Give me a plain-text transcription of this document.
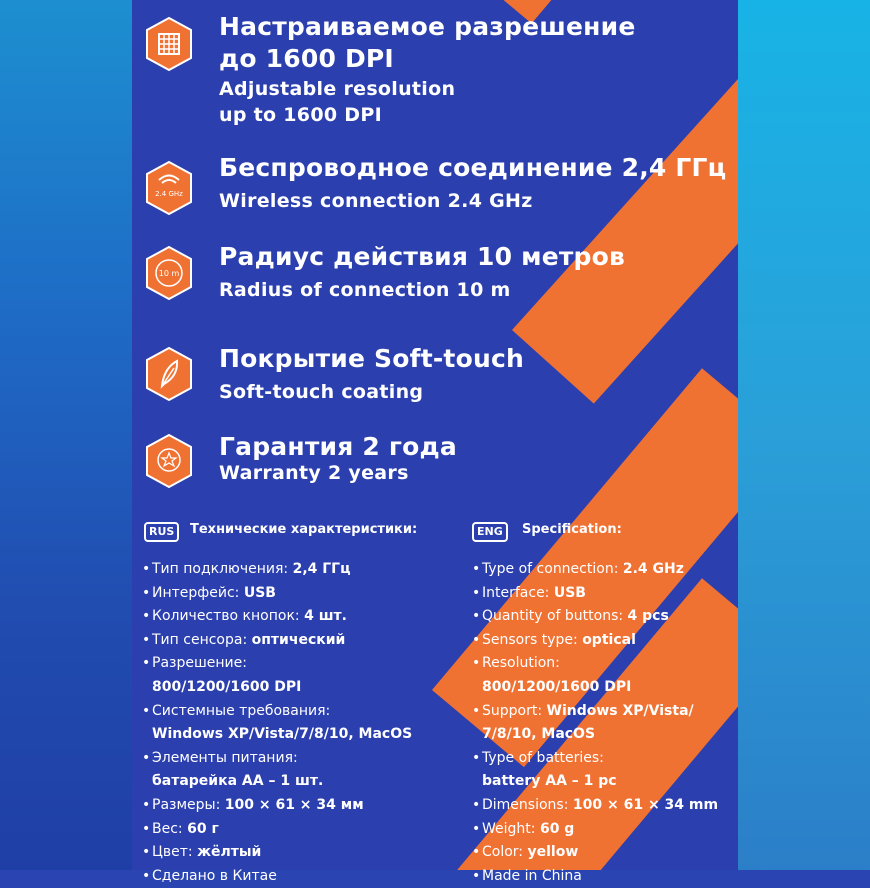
Настраиваемое разрешение
до 1600 DPI
Adjustable resolution
up to 1600 DPI
2.4 GHz
Беспроводное соединение 2,4 ГГц
Wireless connection 2.4 GHz
10 m
Радиус действия 10 метров
Radius of connection 10 m
Покрытие Soft-touch
Soft-touch coating
Гарантия 2 года
Warranty 2 years
RUS	Технические характеристики:
• Тип подключения: 2,4 ГГц
• Интерфейс: USB
• Количество кнопок: 4 шт.
• Тип сенсора: оптический
• Разрешение:
800/1200/1600 DPI
• Системные требования:
Windows XP/Vista/7/8/10, MacOS
• Элементы питания:
батарейка АА – 1 шт.
• Размеры: 100 × 61 × 34 мм
• Вес: 60 г
• Цвет: жёлтый
• Сделано в Китае
ENG	Specification:
• Type of connection: 2.4 GHz
• Interface: USB
• Quantity of buttons: 4 pcs
• Sensors type: optical
• Resolution:
800/1200/1600 DPI
• Support: Windows XP/Vista/
7/8/10, MacOS
• Type of batteries:
battery AA – 1 pc
• Dimensions: 100 × 61 × 34 mm
• Weight: 60 g
• Color: yellow
• Made in China
